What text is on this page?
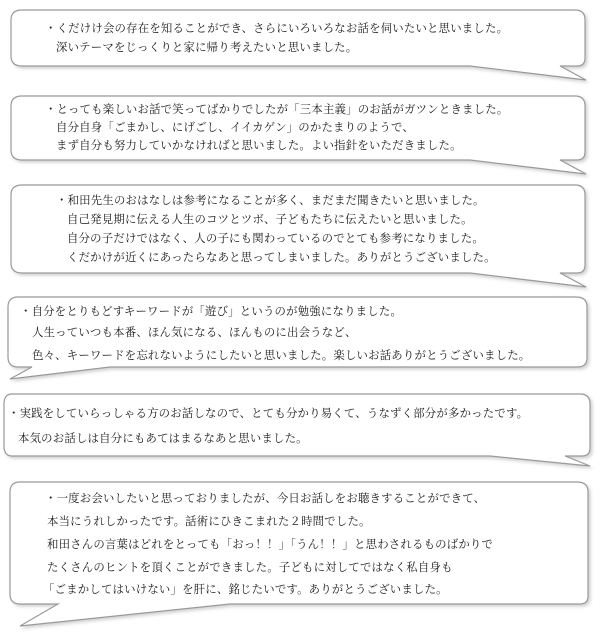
・くだけけ会の存在を知ることができ、さらにいろいろなお話を伺いたいと思いました。
深いテーマをじっくりと家に帰り考えたいと思いました。
・とっても楽しいお話で笑ってばかりでしたが「三本主義」のお話がガツンときました。
自分自身「ごまかし、にげごし、イイカゲン」のかたまりのようで、
まず自分も努力していかなければと思いました。よい指針をいただきました。
・和田先生のおはなしは参考になることが多く、まだまだ聞きたいと思いました。
自己発見期に伝える人生のコツとツボ、子どもたちに伝えたいと思いました。
自分の子だけではなく、人の子にも関わっているのでとても参考になりました。
くだかけが近くにあったらなあと思ってしまいました。ありがとうございました。
・自分をとりもどすキーワードが「遊び」というのが勉強になりました。
人生っていつも本番、ほん気になる、ほんものに出会うなど、
色々、キーワードを忘れないようにしたいと思いました。楽しいお話ありがとうございました。
・実践をしていらっしゃる方のお話しなので、とても分かり易くて、うなずく部分が多かったです。
本気のお話しは自分にもあてはまるなあと思いました。
・一度お会いしたいと思っておりましたが、今日お話しをお聴きすることができて、
本当にうれしかったです。話術にひきこまれた２時間でした。
和田さんの言葉はどれをとっても「おっ！！」「うん！！」と思わされるものばかりで
たくさんのヒントを頂くことができました。子どもに対してではなく私自身も
「ごまかしてはいけない」を肝に、銘じたいです。ありがとうございました。
